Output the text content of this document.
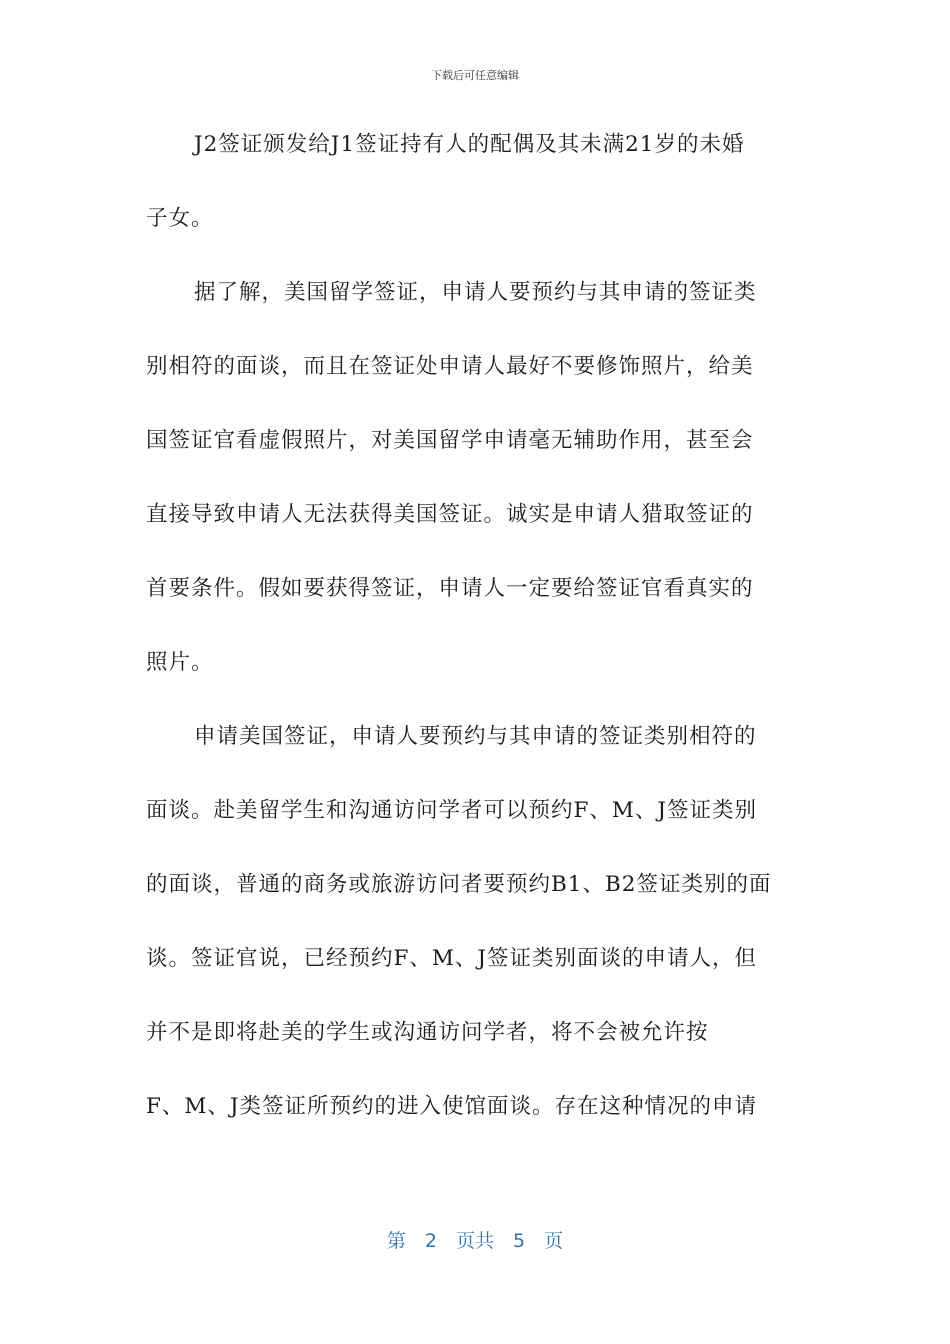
下载后可任意编辑
J2签证颁发给J1签证持有人的配偶及其未满21岁的未婚
子女。
据了解，美国留学签证，申请人要预约与其申请的签证类
别相符的面谈，而且在签证处申请人最好不要修饰照片，给美
国签证官看虚假照片，对美国留学申请毫无辅助作用，甚至会
直接导致申请人无法获得美国签证。诚实是申请人猎取签证的
首要条件。假如要获得签证，申请人一定要给签证官看真实的
照片。
申请美国签证，申请人要预约与其申请的签证类别相符的
面谈。赴美留学生和沟通访问学者可以预约F、M、J签证类别
的面谈，普通的商务或旅游访问者要预约B1、B2签证类别的面
谈。签证官说，已经预约F、M、J签证类别面谈的申请人，但
并不是即将赴美的学生或沟通访问学者，将不会被允许按
F、M、J类签证所预约的进入使馆面谈。存在这种情况的申请
第　2　页共　5　页
